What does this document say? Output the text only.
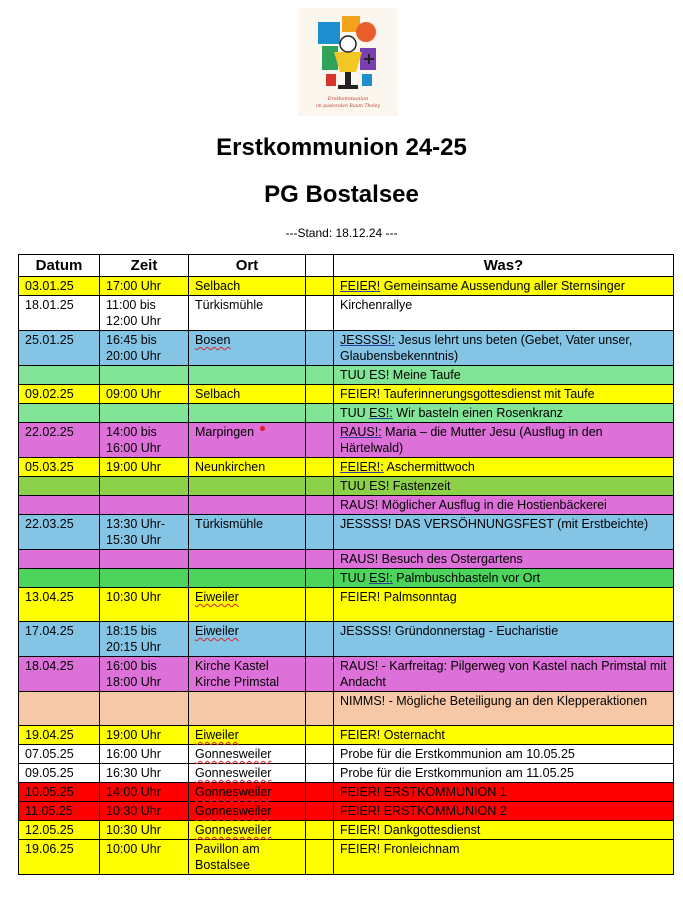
Erstkommunion
im pastoralen Raum Tholey
Erstkommunion 24-25
PG Bostalsee
---Stand: 18.12.24 ---
Datum	Zeit	Ort		Was?
03.01.25	17:00 Uhr	Selbach		FEIER! Gemeinsame Aussendung aller Sternsinger
18.01.25	11:00 bis 12:00 Uhr	Türkismühle		Kirchenrallye
25.01.25	16:45 bis 20:00 Uhr	Bosen		JESSSS!: Jesus lehrt uns beten (Gebet, Vater unser, Glaubensbekenntnis)
				TUU ES! Meine Taufe
09.02.25	09:00 Uhr	Selbach		FEIER! Tauferinnerungsgottesdienst mit Taufe
				TUU ES!: Wir basteln einen Rosenkranz
22.02.25	14:00 bis 16:00 Uhr	Marpingen		RAUS!: Maria – die Mutter Jesu (Ausflug in den Härtelwald)
05.03.25	19:00 Uhr	Neunkirchen		FEIER!: Aschermittwoch
				TUU ES! Fastenzeit
				RAUS! Möglicher Ausflug in die Hostienbäckerei
22.03.25	13:30 Uhr- 15:30 Uhr	Türkismühle		JESSSS! DAS VERSÖHNUNGSFEST (mit Erstbeichte)
				RAUS! Besuch des Ostergartens
				TUU ES!: Palmbuschbasteln vor Ort
13.04.25	10:30 Uhr	Eiweiler		FEIER! Palmsonntag
17.04.25	18:15 bis 20:15 Uhr	Eiweiler		JESSSS! Gründonnerstag - Eucharistie
18.04.25	16:00 bis 18:00 Uhr	Kirche Kastel Kirche Primstal		RAUS! - Karfreitag: Pilgerweg von Kastel nach Primstal mit Andacht
				NIMMS! - Mögliche Beteiligung an den Klepperaktionen
19.04.25	19:00 Uhr	Eiweiler		FEIER! Osternacht
07.05.25	16:00 Uhr	Gonnesweiler		Probe für die Erstkommunion am 10.05.25
09.05.25	16:30 Uhr	Gonnesweiler		Probe für die Erstkommunion am 11.05.25
10.05.25	14:00 Uhr	Gonnesweiler		FEIER! ERSTKOMMUNION 1
11.05.25	10:30 Uhr	Gonnesweiler		FEIER! ERSTKOMMUNION 2
12.05.25	10:30 Uhr	Gonnesweiler		FEIER! Dankgottesdienst
19.06.25	10:00 Uhr	Pavillon am Bostalsee		FEIER! Fronleichnam
